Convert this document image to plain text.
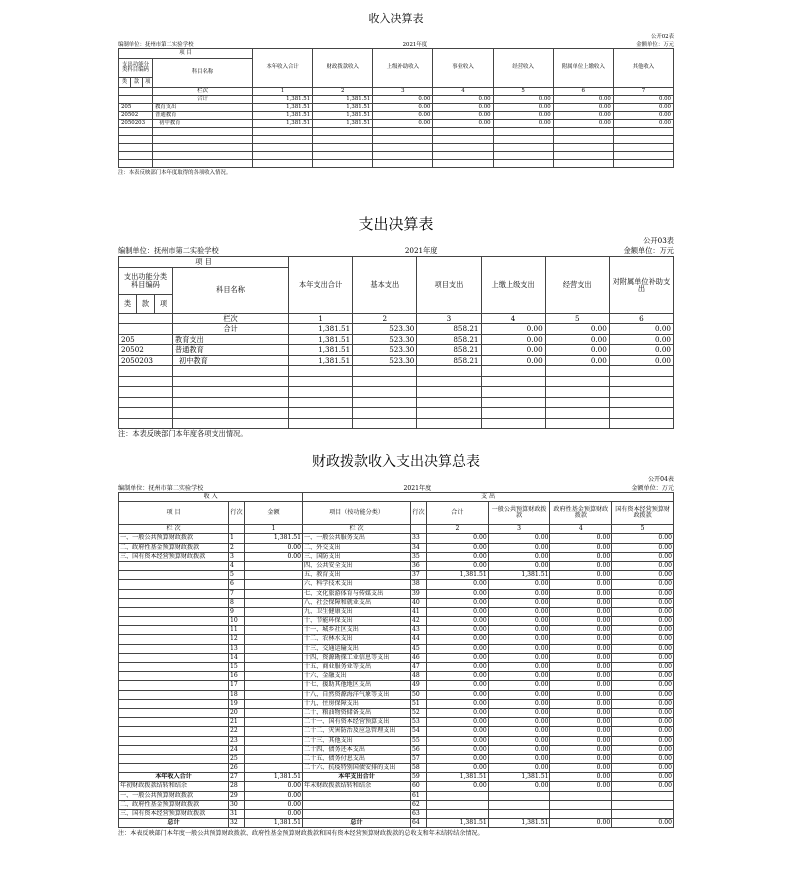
收入决算表
公开02表
编制单位：抚州市第二实验学校	2021年度	金额单位：万元
项 目				本年收入合计	财政拨款收入	上级补助收入	事业收入	经营收入	附属单位上缴收入	其他收入
支出功能分类科目编码			科目名称							
类	款	项								
			栏次	1	2	3	4	5	6	7
			合计	1,381.51	1,381.51	0.00	0.00	0.00	0.00	0.00
205			教育支出	1,381.51	1,381.51	0.00	0.00	0.00	0.00	0.00
20502			普通教育	1,381.51	1,381.51	0.00	0.00	0.00	0.00	0.00
2050203			初中教育	1,381.51	1,381.51	0.00	0.00	0.00	0.00	0.00

注：本表反映部门本年度取得的各项收入情况。
支出决算表
公开03表
编制单位：抚州市第二实验学校	2021年度	金额单位：万元
项 目				本年支出合计	基本支出	项目支出	上缴上级支出	经营支出	对附属单位补助支出
支出功能分类科目编码			科目名称						
类	款	项							
			栏次	1	2	3	4	5	6
			合计	1,381.51	523.30	858.21	0.00	0.00	0.00
205			教育支出	1,381.51	523.30	858.21	0.00	0.00	0.00
20502			普通教育	1,381.51	523.30	858.21	0.00	0.00	0.00
2050203			初中教育	1,381.51	523.30	858.21	0.00	0.00	0.00

注：本表反映部门本年度各项支出情况。
财政拨款收入支出决算总表
公开04表
编制单位：抚州市第二实验学校	2021年度	金额单位：万元
收 入			支 出					
项 目	行次	金额	项目（按功能分类）	行次	合计	一般公共预算财政拨款	政府性基金预算财政拨款	国有资本经营预算财政拨款
栏 次		1	栏 次		2	3	4	5
一、一般公共预算财政拨款	1	1,381.51	一、一般公共服务支出	33	0.00	0.00	0.00	0.00
二、政府性基金预算财政拨款	2	0.00	二、外交支出	34	0.00	0.00	0.00	0.00
三、国有资本经营预算财政拨款	3	0.00	三、国防支出	35	0.00	0.00	0.00	0.00
	4		四、公共安全支出	36	0.00	0.00	0.00	0.00
	5		五、教育支出	37	1,381.51	1,381.51	0.00	0.00
	6		六、科学技术支出	38	0.00	0.00	0.00	0.00
	7		七、文化旅游体育与传媒支出	39	0.00	0.00	0.00	0.00
	8		八、社会保障和就业支出	40	0.00	0.00	0.00	0.00
	9		九、卫生健康支出	41	0.00	0.00	0.00	0.00
	10		十、节能环保支出	42	0.00	0.00	0.00	0.00
	11		十一、城乡社区支出	43	0.00	0.00	0.00	0.00
	12		十二、农林水支出	44	0.00	0.00	0.00	0.00
	13		十三、交通运输支出	45	0.00	0.00	0.00	0.00
	14		十四、资源勘探工业信息等支出	46	0.00	0.00	0.00	0.00
	15		十五、商业服务业等支出	47	0.00	0.00	0.00	0.00
	16		十六、金融支出	48	0.00	0.00	0.00	0.00
	17		十七、援助其他地区支出	49	0.00	0.00	0.00	0.00
	18		十八、自然资源海洋气象等支出	50	0.00	0.00	0.00	0.00
	19		十九、住房保障支出	51	0.00	0.00	0.00	0.00
	20		二十、粮油物资储备支出	52	0.00	0.00	0.00	0.00
	21		二十一、国有资本经营预算支出	53	0.00	0.00	0.00	0.00
	22		二十二、灾害防治及应急管理支出	54	0.00	0.00	0.00	0.00
	23		二十三、其他支出	55	0.00	0.00	0.00	0.00
	24		二十四、债务还本支出	56	0.00	0.00	0.00	0.00
	25		二十五、债务付息支出	57	0.00	0.00	0.00	0.00
	26		二十六、抗疫特别国债安排的支出	58	0.00	0.00	0.00	0.00
本年收入合计	27	1,381.51	本年支出合计	59	1,381.51	1,381.51	0.00	0.00
年初财政拨款结转和结余	28	0.00	年末财政拨款结转和结余	60	0.00	0.00	0.00	0.00
一、一般公共预算财政拨款	29	0.00		61				
二、政府性基金预算财政拨款	30	0.00		62				
三、国有资本经营预算财政拨款	31	0.00		63				
总计	32	1,381.51	总计	64	1,381.51	1,381.51	0.00	0.00
注：本表反映部门本年度一般公共预算财政拨款、政府性基金预算财政拨款和国有资本经营预算财政拨款的总收支和年末结转结余情况。
